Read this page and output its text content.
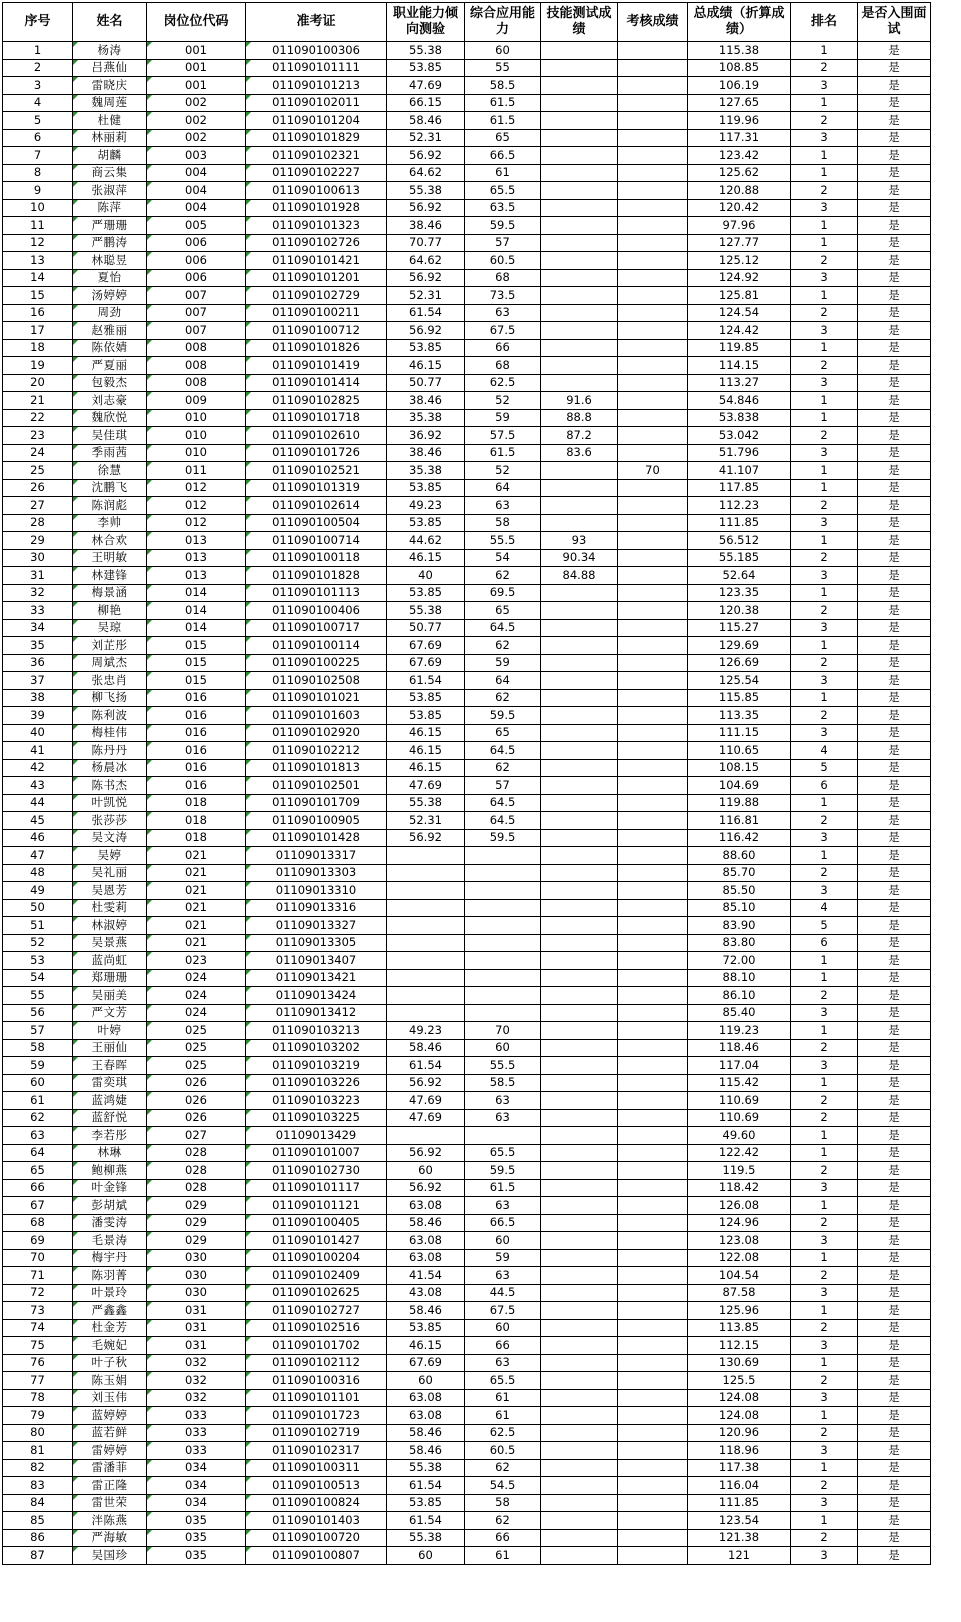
序号	姓名	岗位位代码	准考证	职业能力倾向测验	综合应用能力	技能测试成绩	考核成绩	总成绩（折算成绩）	排名	是否入围面试
1	杨涛	001	011090100306	55.38	60			115.38	1	是
2	吕燕仙	001	011090101111	53.85	55			108.85	2	是
3	雷晓庆	001	011090101213	47.69	58.5			106.19	3	是
4	魏周莲	002	011090102011	66.15	61.5			127.65	1	是
5	杜健	002	011090101204	58.46	61.5			119.96	2	是
6	林丽莉	002	011090101829	52.31	65			117.31	3	是
7	胡麟	003	011090102321	56.92	66.5			123.42	1	是
8	商云集	004	011090102227	64.62	61			125.62	1	是
9	张淑萍	004	011090100613	55.38	65.5			120.88	2	是
10	陈萍	004	011090101928	56.92	63.5			120.42	3	是
11	严珊珊	005	011090101323	38.46	59.5			97.96	1	是
12	严鹏涛	006	011090102726	70.77	57			127.77	1	是
13	林聪昱	006	011090101421	64.62	60.5			125.12	2	是
14	夏怡	006	011090101201	56.92	68			124.92	3	是
15	汤婷婷	007	011090102729	52.31	73.5			125.81	1	是
16	周劲	007	011090100211	61.54	63			124.54	2	是
17	赵雅丽	007	011090100712	56.92	67.5			124.42	3	是
18	陈依婧	008	011090101826	53.85	66			119.85	1	是
19	严夏丽	008	011090101419	46.15	68			114.15	2	是
20	包毅杰	008	011090101414	50.77	62.5			113.27	3	是
21	刘志豪	009	011090102825	38.46	52	91.6		54.846	1	是
22	魏欣悦	010	011090101718	35.38	59	88.8		53.838	1	是
23	吴佳琪	010	011090102610	36.92	57.5	87.2		53.042	2	是
24	季雨茜	010	011090101726	38.46	61.5	83.6		51.796	3	是
25	徐慧	011	011090102521	35.38	52		70	41.107	1	是
26	沈鹏飞	012	011090101319	53.85	64			117.85	1	是
27	陈润彪	012	011090102614	49.23	63			112.23	2	是
28	李帅	012	011090100504	53.85	58			111.85	3	是
29	林合欢	013	011090100714	44.62	55.5	93		56.512	1	是
30	王明敏	013	011090100118	46.15	54	90.34		55.185	2	是
31	林建锋	013	011090101828	40	62	84.88		52.64	3	是
32	梅景涵	014	011090101113	53.85	69.5			123.35	1	是
33	柳艳	014	011090100406	55.38	65			120.38	2	是
34	吴琼	014	011090100717	50.77	64.5			115.27	3	是
35	刘芷彤	015	011090100114	67.69	62			129.69	1	是
36	周斌杰	015	011090100225	67.69	59			126.69	2	是
37	张忠肖	015	011090102508	61.54	64			125.54	3	是
38	柳飞扬	016	011090101021	53.85	62			115.85	1	是
39	陈利波	016	011090101603	53.85	59.5			113.35	2	是
40	梅桂伟	016	011090102920	46.15	65			111.15	3	是
41	陈丹丹	016	011090102212	46.15	64.5			110.65	4	是
42	杨晨冰	016	011090101813	46.15	62			108.15	5	是
43	陈书杰	016	011090102501	47.69	57			104.69	6	是
44	叶凯悦	018	011090101709	55.38	64.5			119.88	1	是
45	张莎莎	018	011090100905	52.31	64.5			116.81	2	是
46	吴文涛	018	011090101428	56.92	59.5			116.42	3	是
47	吴婷	021	01109013317					88.60	1	是
48	吴礼丽	021	01109013303					85.70	2	是
49	吴恩芳	021	01109013310					85.50	3	是
50	杜雯莉	021	01109013316					85.10	4	是
51	林淑婷	021	01109013327					83.90	5	是
52	吴景燕	021	01109013305					83.80	6	是
53	蓝尚虹	023	01109013407					72.00	1	是
54	郑珊珊	024	01109013421					88.10	1	是
55	吴丽美	024	01109013424					86.10	2	是
56	严文芳	024	01109013412					85.40	3	是
57	叶婷	025	011090103213	49.23	70			119.23	1	是
58	王丽仙	025	011090103202	58.46	60			118.46	2	是
59	王春晖	025	011090103219	61.54	55.5			117.04	3	是
60	雷奕琪	026	011090103226	56.92	58.5			115.42	1	是
61	蓝鸿婕	026	011090103223	47.69	63			110.69	2	是
62	蓝舒悦	026	011090103225	47.69	63			110.69	2	是
63	李若彤	027	01109013429					49.60	1	是
64	林琳	028	011090101007	56.92	65.5			122.42	1	是
65	鲍柳燕	028	011090102730	60	59.5			119.5	2	是
66	叶金锋	028	011090101117	56.92	61.5			118.42	3	是
67	彭胡斌	029	011090101121	63.08	63			126.08	1	是
68	潘雯涛	029	011090100405	58.46	66.5			124.96	2	是
69	毛景涛	029	011090101427	63.08	60			123.08	3	是
70	梅宇丹	030	011090100204	63.08	59			122.08	1	是
71	陈羽菁	030	011090102409	41.54	63			104.54	2	是
72	叶景玲	030	011090102625	43.08	44.5			87.58	3	是
73	严鑫鑫	031	011090102727	58.46	67.5			125.96	1	是
74	杜金芳	031	011090102516	53.85	60			113.85	2	是
75	毛婉妃	031	011090101702	46.15	66			112.15	3	是
76	叶子秋	032	011090102112	67.69	63			130.69	1	是
77	陈玉娟	032	011090100316	60	65.5			125.5	2	是
78	刘玉伟	032	011090101101	63.08	61			124.08	3	是
79	蓝婷婷	033	011090101723	63.08	61			124.08	1	是
80	蓝若鲜	033	011090102719	58.46	62.5			120.96	2	是
81	雷婷婷	033	011090102317	58.46	60.5			118.96	3	是
82	雷潘菲	034	011090100311	55.38	62			117.38	1	是
83	雷正隆	034	011090100513	61.54	54.5			116.04	2	是
84	雷世荣	034	011090100824	53.85	58			111.85	3	是
85	泮陈燕	035	011090101403	61.54	62			123.54	1	是
86	严海敏	035	011090100720	55.38	66			121.38	2	是
87	吴国珍	035	011090100807	60	61			121	3	是
